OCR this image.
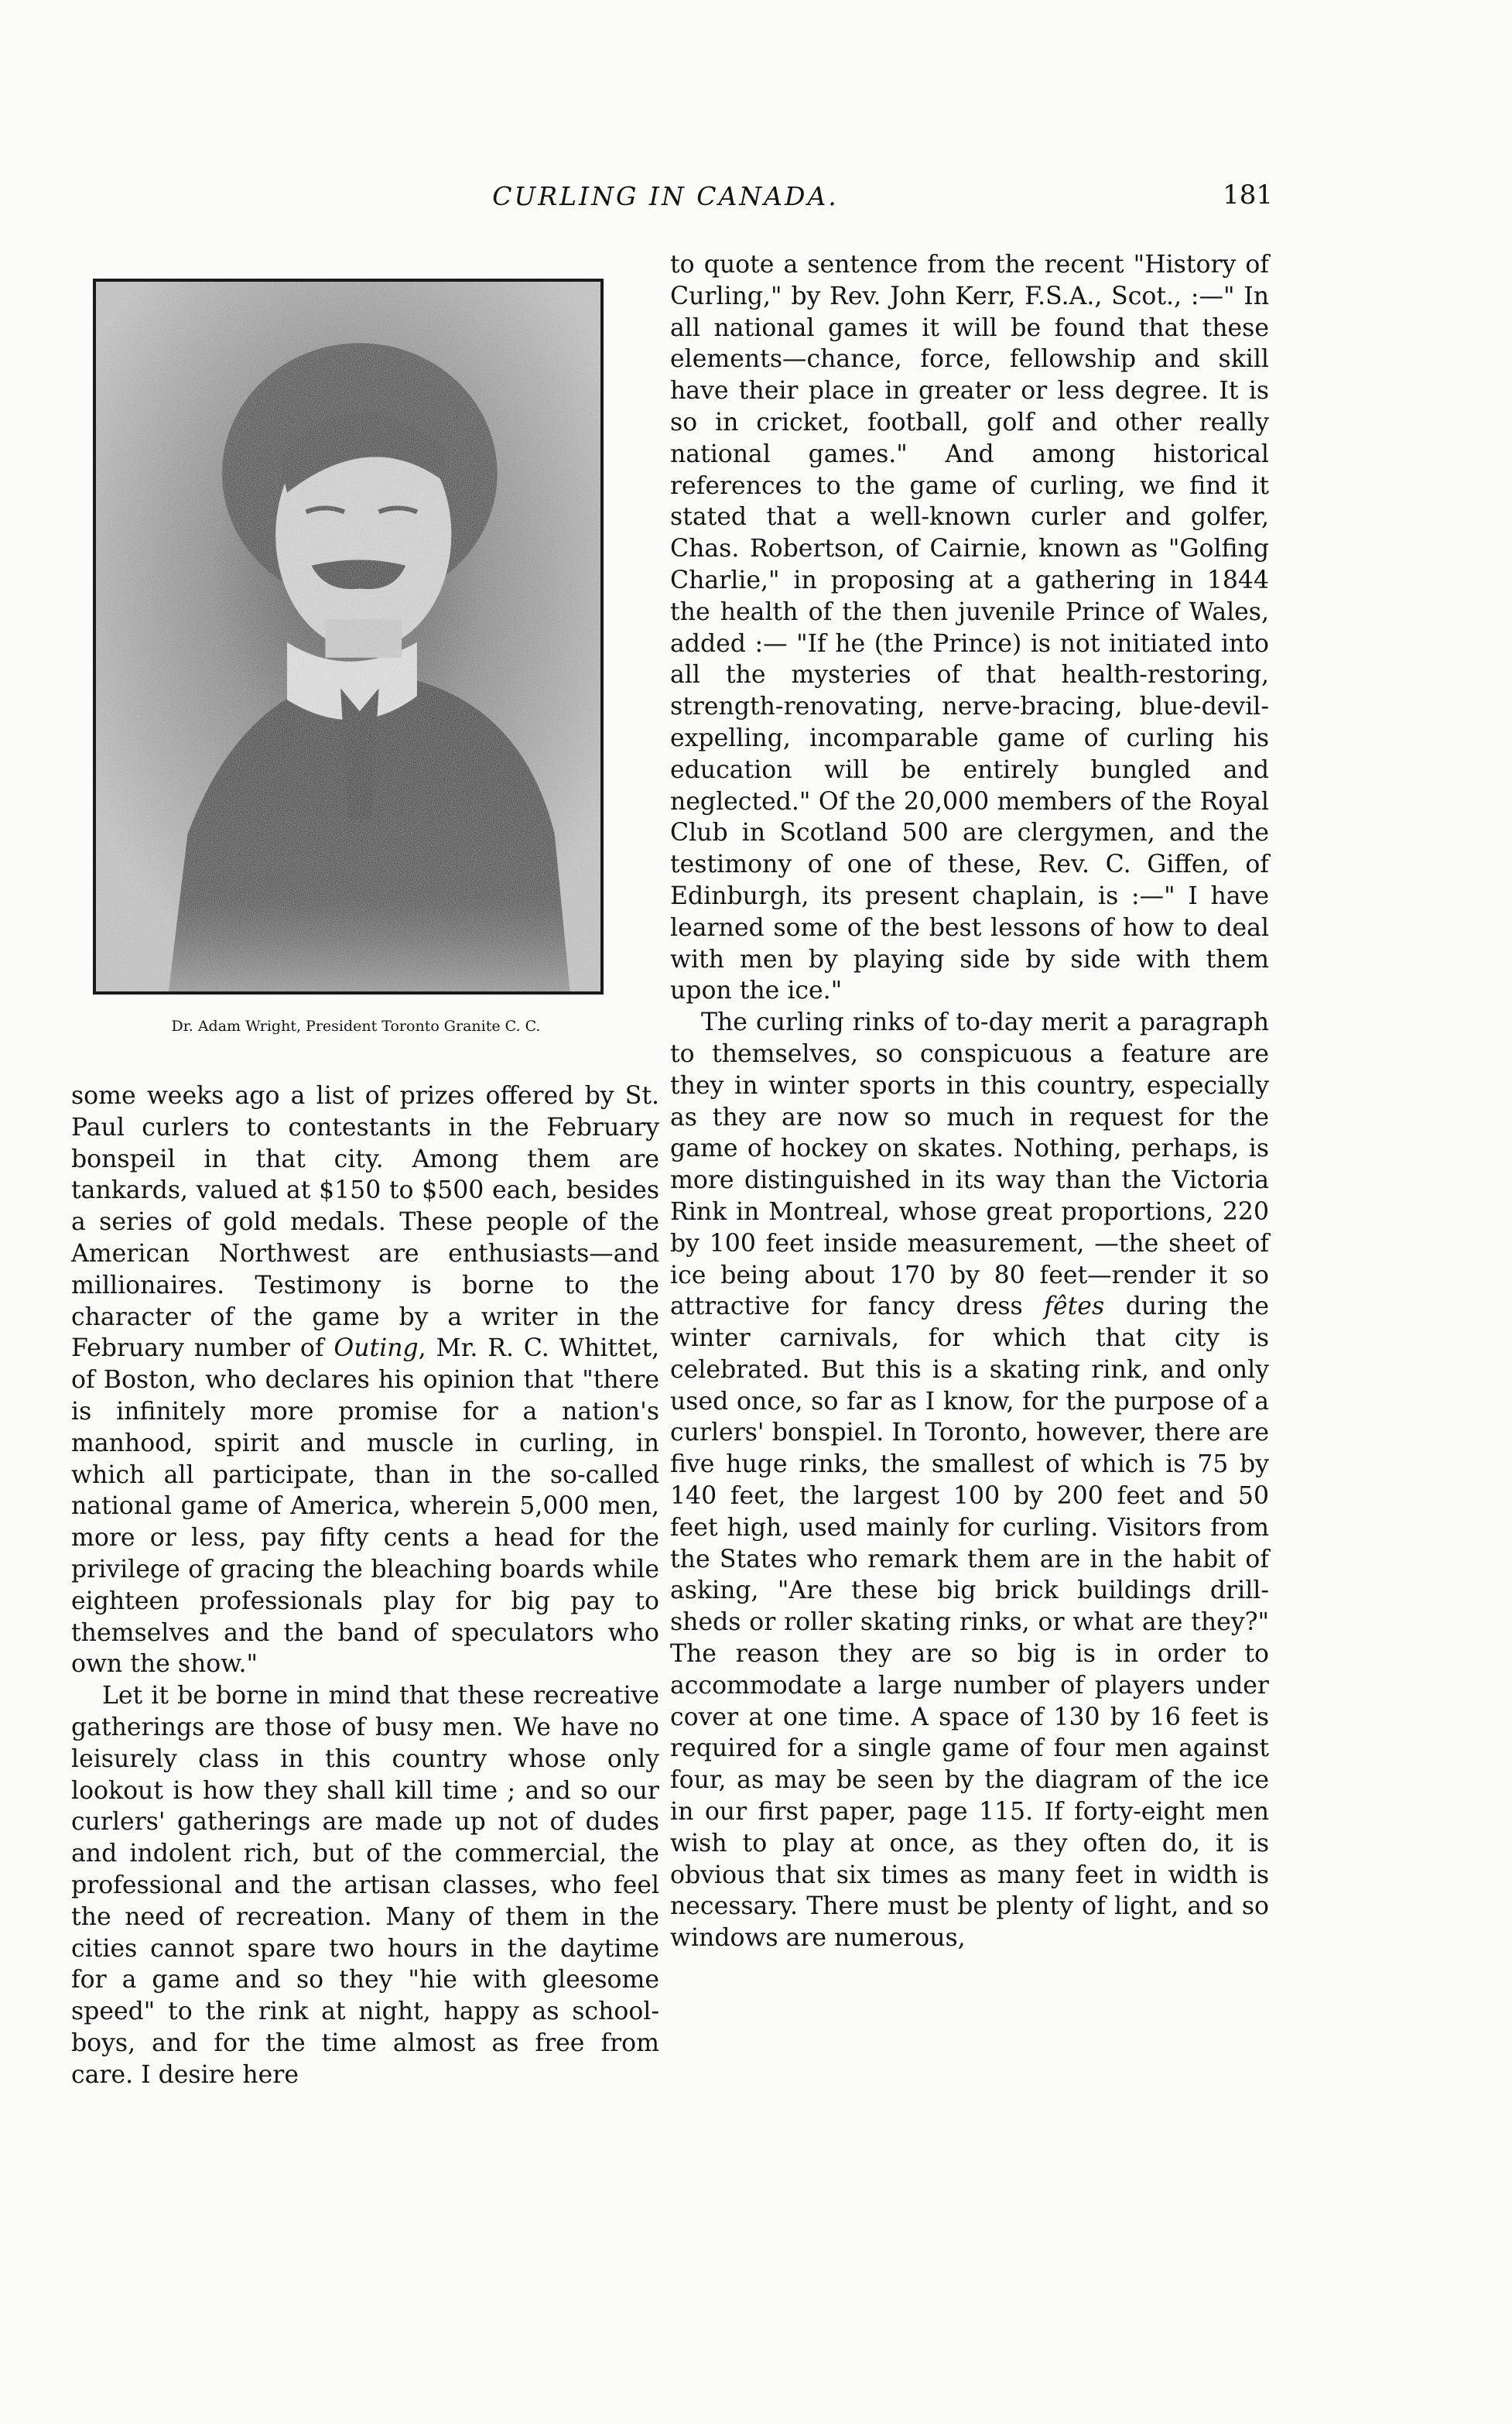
CURLING IN CANADA.	181
Dr. Adam Wright, President Toronto Granite C. C.

some weeks ago a list of prizes offered by St. Paul curlers to contestants in the February bonspeil in that city. Among them are tankards, valued at $150 to $500 each, besides a series of gold medals. These people of the American Northwest are enthusiasts—and millionaires. Testimony is borne to the character of the game by a writer in the February number of Outing, Mr. R. C. Whittet, of Boston, who declares his opinion that "there is infinitely more promise for a nation's manhood, spirit and muscle in curling, in which all participate, than in the so-called national game of America, wherein 5,000 men, more or less, pay fifty cents a head for the privilege of gracing the bleaching boards while eighteen professionals play for big pay to themselves and the band of speculators who own the show."

Let it be borne in mind that these recreative gatherings are those of busy men. We have no leisurely class in this country whose only lookout is how they shall kill time ; and so our curlers' gatherings are made up not of dudes and indolent rich, but of the commercial, the professional and the artisan classes, who feel the need of recreation. Many of them in the cities cannot spare two hours in the daytime for a game and so they "hie with gleesome speed" to the rink at night, happy as school-boys, and for the time almost as free from care. I desire here

to quote a sentence from the recent "History of Curling," by Rev. John Kerr, F.S.A., Scot., :—" In all national games it will be found that these elements—chance, force, fellowship and skill have their place in greater or less degree. It is so in cricket, football, golf and other really national games." And among historical references to the game of curling, we find it stated that a well-known curler and golfer, Chas. Robertson, of Cairnie, known as "Golfing Charlie," in proposing at a gathering in 1844 the health of the then juvenile Prince of Wales, added :— "If he (the Prince) is not initiated into all the mysteries of that health-restoring, strength-renovating, nerve-bracing, blue-devil-expelling, incomparable game of curling his education will be entirely bungled and neglected." Of the 20,000 members of the Royal Club in Scotland 500 are clergymen, and the testimony of one of these, Rev. C. Giffen, of Edinburgh, its present chaplain, is :—" I have learned some of the best lessons of how to deal with men by playing side by side with them upon the ice."

The curling rinks of to-day merit a paragraph to themselves, so conspicuous a feature are they in winter sports in this country, especially as they are now so much in request for the game of hockey on skates. Nothing, perhaps, is more distinguished in its way than the Victoria Rink in Montreal, whose great proportions, 220 by 100 feet inside measurement, —the sheet of ice being about 170 by 80 feet—render it so attractive for fancy dress fêtes during the winter carnivals, for which that city is celebrated. But this is a skating rink, and only used once, so far as I know, for the purpose of a curlers' bonspiel. In Toronto, however, there are five huge rinks, the smallest of which is 75 by 140 feet, the largest 100 by 200 feet and 50 feet high, used mainly for curling. Visitors from the States who remark them are in the habit of asking, "Are these big brick buildings drill-sheds or roller skating rinks, or what are they?" The reason they are so big is in order to accommodate a large number of players under cover at one time. A space of 130 by 16 feet is required for a single game of four men against four, as may be seen by the diagram of the ice in our first paper, page 115. If forty-eight men wish to play at once, as they often do, it is obvious that six times as many feet in width is necessary. There must be plenty of light, and so windows are numerous,
